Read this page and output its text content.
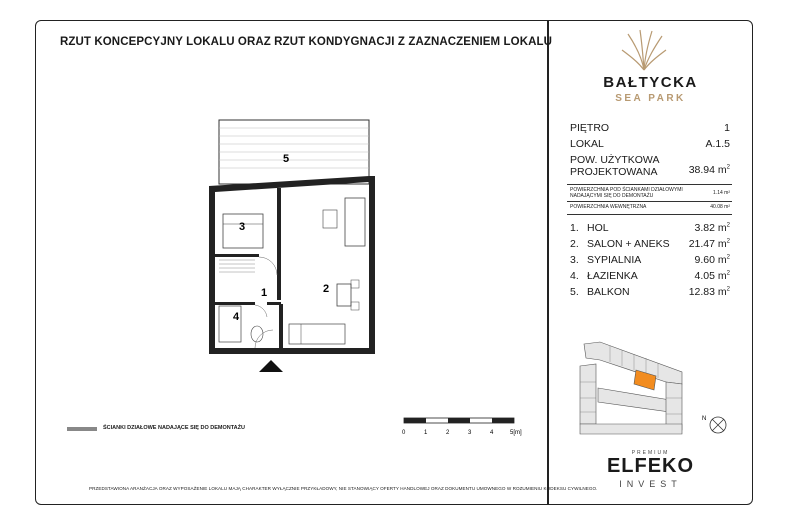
RZUT KONCEPCYJNY LOKALU ORAZ RZUT KONDYGNACJI Z ZAZNACZENIEM LOKALU
5
3
1	2
4
0	1	2	3	4	5[m]
ŚCIANKI DZIAŁOWE NADAJĄCE SIĘ DO DEMONTAŻU
PRZEDSTAWIONA ARANŻACJA ORAZ WYPOSAŻENIE LOKALU MAJĄ CHARAKTER WYŁĄCZNIE PRZYKŁADOWY, NIE STANOWIĄCY OFERTY HANDLOWEJ ORAZ DOKUMENTU UMOWNEGO W ROZUMIENIU KODEKSU CYWILNEGO.
BAŁTYCKA
SEA PARK
PIĘTRO	1
LOKAL	A.1.5
POW. UŻYTKOWA
PROJEKTOWANA	38.94 $m^2$
POWIERZCHNIA POD ŚCIANKAMI DZIAŁOWYMI
NADAJĄCYMI SIĘ DO DEMONTAŻU	1.14 m²
POWIERZCHNIA WEWNĘTRZNA	40.08 m²
1. HOL	3.82 $m^2$
2. SALON + ANEKS 21.47 $m^2$
3. SYPIALNIA	9.60 $m^2$
4. ŁAZIENKA	4.05 $m^2$
5. BALKON	12.83 $m^2$
N
PREMIUM
ELFEKO
INVEST
